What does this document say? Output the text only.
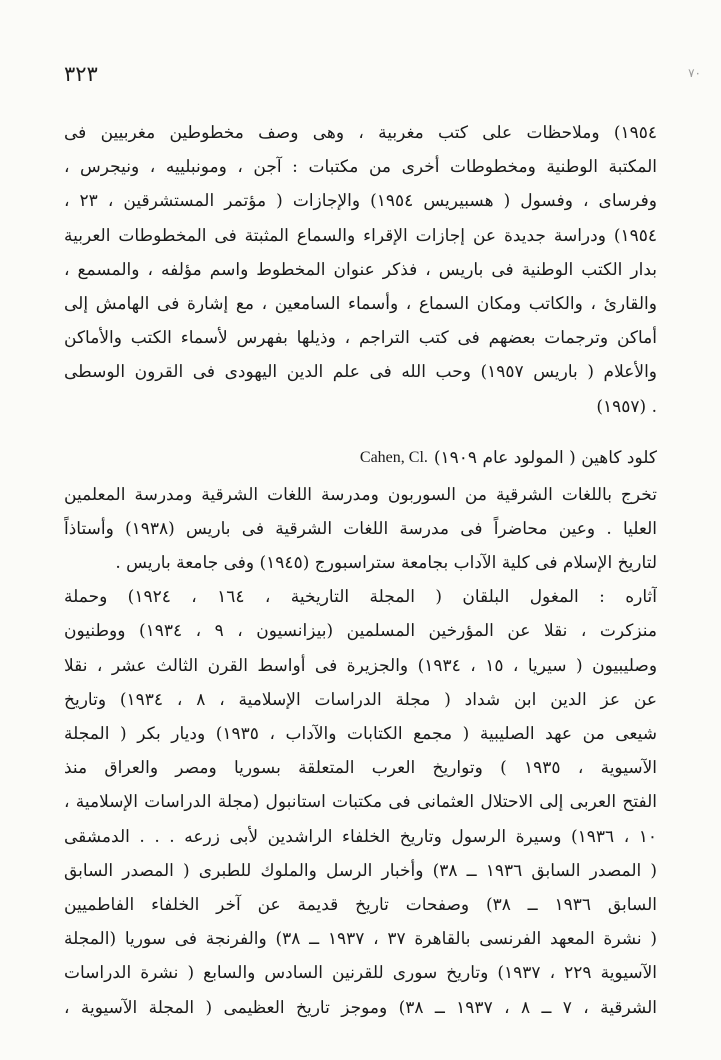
٣٢٣	٧٠
١٩٥٤) وملاحظات على كتب مغربية ، وهى وصف مخطوطين مغربيين فى
المكتبة الوطنية ومخطوطات أخرى من مكتبات : آجن ، ومونبلييه ، ونيجرس ،
وفرساى ، وفسول ( هسبيريس ١٩٥٤) والإجازات ( مؤتمر المستشرقين ، ٢٣ ،
١٩٥٤) ودراسة جديدة عن إجازات الإقراء والسماع المثبتة فى المخطوطات العربية
بدار الكتب الوطنية فى باريس ، فذكر عنوان المخطوط واسم مؤلفه ، والمسمع ،
والقارئ ، والكاتب ومكان السماع ، وأسماء السامعين ، مع إشارة فى الهامش إلى
أماكن وترجمات بعضهم فى كتب التراجم ، وذيلها بفهرس لأسماء الكتب والأماكن
والأعلام ( باريس ١٩٥٧) وحب الله فى علم الدين اليهودى فى القرون الوسطى
. (١٩٥٧)
Cahen, Cl. كلود كاهين ( المولود عام ١٩٠٩)
تخرج باللغات الشرقية من السوربون ومدرسة اللغات الشرقية ومدرسة المعلمين
العليا . وعين محاضراً فى مدرسة اللغات الشرقية فى باريس (١٩٣٨) وأستاذاً
لتاريخ الإسلام فى كلية الآداب بجامعة ستراسبورج (١٩٤٥) وفى جامعة باريس .
آثاره : المغول البلقان ( المجلة التاريخية ، ١٦٤ ، ١٩٢٤) وحملة
منزكرت ، نقلا عن المؤرخين المسلمين (بيزانسيون ، ٩ ، ١٩٣٤) ووطنيون
وصليبيون ( سيريا ، ١٥ ، ١٩٣٤) والجزيرة فى أواسط القرن الثالث عشر ، نقلا
عن عز الدين ابن شداد ( مجلة الدراسات الإسلامية ، ٨ ، ١٩٣٤) وتاريخ
شيعى من عهد الصليبية ( مجمع الكتابات والآداب ، ١٩٣٥) وديار بكر ( المجلة
الآسيوية ، ١٩٣٥ ) وتواريخ العرب المتعلقة بسوريا ومصر والعراق منذ
الفتح العربى إلى الاحتلال العثمانى فى مكتبات استانبول (مجلة الدراسات الإسلامية ،
١٠ ، ١٩٣٦) وسيرة الرسول وتاريخ الخلفاء الراشدين لأبى زرعه . . . الدمشقى
( المصدر السابق ١٩٣٦ ــ ٣٨) وأخبار الرسل والملوك للطبرى ( المصدر السابق
السابق ١٩٣٦ ــ ٣٨) وصفحات تاريخ قديمة عن آخر الخلفاء الفاطميين
( نشرة المعهد الفرنسى بالقاهرة ٣٧ ، ١٩٣٧ ــ ٣٨) والفرنجة فى سوريا (المجلة
الآسيوية ٢٢٩ ، ١٩٣٧) وتاريخ سورى للقرنين السادس والسابع ( نشرة الدراسات
الشرقية ، ٧ ــ ٨ ، ١٩٣٧ ــ ٣٨) وموجز تاريخ العظيمى ( المجلة الآسيوية ،
